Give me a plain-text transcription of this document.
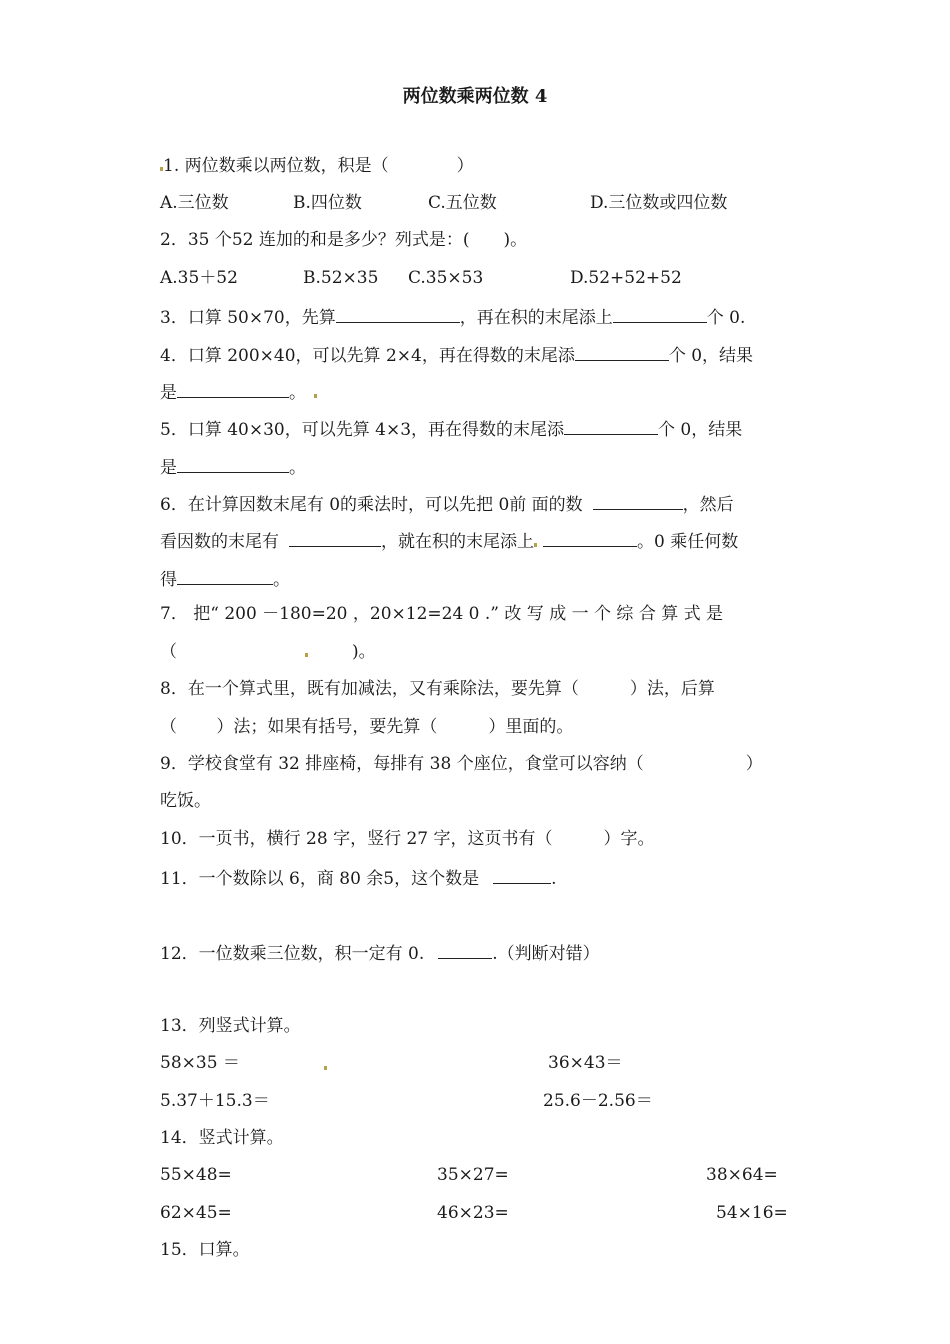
两位数乘两位数 4
1. 两位数乘以两位数，积是（　　　　）
A.三位数	B.四位数	C.五位数	D.三位数或四位数
2．35 个52 连加的和是多少？列式是：(　　)。
A.35＋52	B.52×35 C.35×53	D.52+52+52
3．口算 50×70，先算	，再在积的末尾添上	个 0.
4．口算 200×40，可以先算 2×4，再在得数的末尾添	个 0，结果
是	。
5．口算 40×30，可以先算 4×3，再在得数的末尾添	个 0，结果
是	。
6．在计算因数末尾有 0的乘法时，可以先把 0前 面的数	，然后
看因数的末尾有	，就在积的末尾添上	。0 乘任何数
得	。
7． 把“ 200 －180=20 ，20×12=24 0 .” 改 写 成 一 个 综 合 算 式 是
（	)。
8．在一个算式里，既有加减法，又有乘除法，要先算（　　　）法，后算
（　　 ）法；如果有括号，要先算（　　　）里面的。
9．学校食堂有 32 排座椅，每排有 38 个座位，食堂可以容纳（	）
吃饭。
10．一页书，横行 28 字，竖行 27 字，这页书有（　　　）字。
11．一个数除以 6，商 80 余5，这个数是	.
12．一位数乘三位数，积一定有 0.	.（判断对错）
13．列竖式计算。
58×35 ＝	36×43＝
5.37＋15.3＝	25.6－2.56＝
14．竖式计算。
55×48=	35×27=	38×64=
62×45=	46×23=	54×16=
15．口算。
